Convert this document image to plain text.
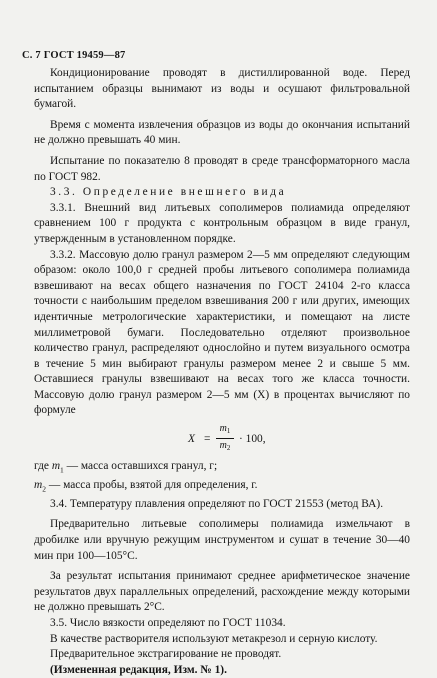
С. 7 ГОСТ 19459—87

Кондиционирование проводят в дистиллированной воде. Перед испытанием образцы вынимают из воды и осушают фильтровальной бумагой.

Время с момента извлечения образцов из воды до окончания испытаний не должно превышать 40 мин.

Испытание по показателю 8 проводят в среде трансформаторного масла по ГОСТ 982.

3.3. Определение внешнего вида

3.3.1. Внешний вид литьевых сополимеров полиамида определяют сравнением 100 г продукта с контрольным образцом в виде гранул, утвержденным в установленном порядке.

3.3.2. Массовую долю гранул размером 2—5 мм определяют следующим образом: около 100,0 г средней пробы литьевого сополимера полиамида взвешивают на весах общего назначения по ГОСТ 24104 2-го класса точности с наибольшим пределом взвешивания 200 г или других, имеющих идентичные метрологические характеристики, и помещают на листе миллиметровой бумаги. Последовательно отделяют произвольное количество гранул, распределяют однослойно и путем визуального осмотра в течение 5 мин выбирают гранулы размером менее 2 и свыше 5 мм. Оставшиеся гранулы взвешивают на весах того же класса точности. Массовую долю гранул размером 2—5 мм (X) в процентах вычисляют по формуле

X =
$m_1$
$m_2$
· 100,

где $m_1$ — масса оставшихся гранул, г;

$m_2$ — масса пробы, взятой для определения, г.

3.4. Температуру плавления определяют по ГОСТ 21553 (метод ВА).

Предварительно литьевые сополимеры полиамида измельчают в дробилке или вручную режущим инструментом и сушат в течение 30—40 мин при 100—105°С.

За результат испытания принимают среднее арифметическое значение результатов двух параллельных определений, расхождение между которыми не должно превышать 2°С.

3.5. Число вязкости определяют по ГОСТ 11034.

В качестве растворителя используют метакрезол и серную кислоту.

Предварительное экстрагирование не проводят.

(Измененная редакция, Изм. № 1).
